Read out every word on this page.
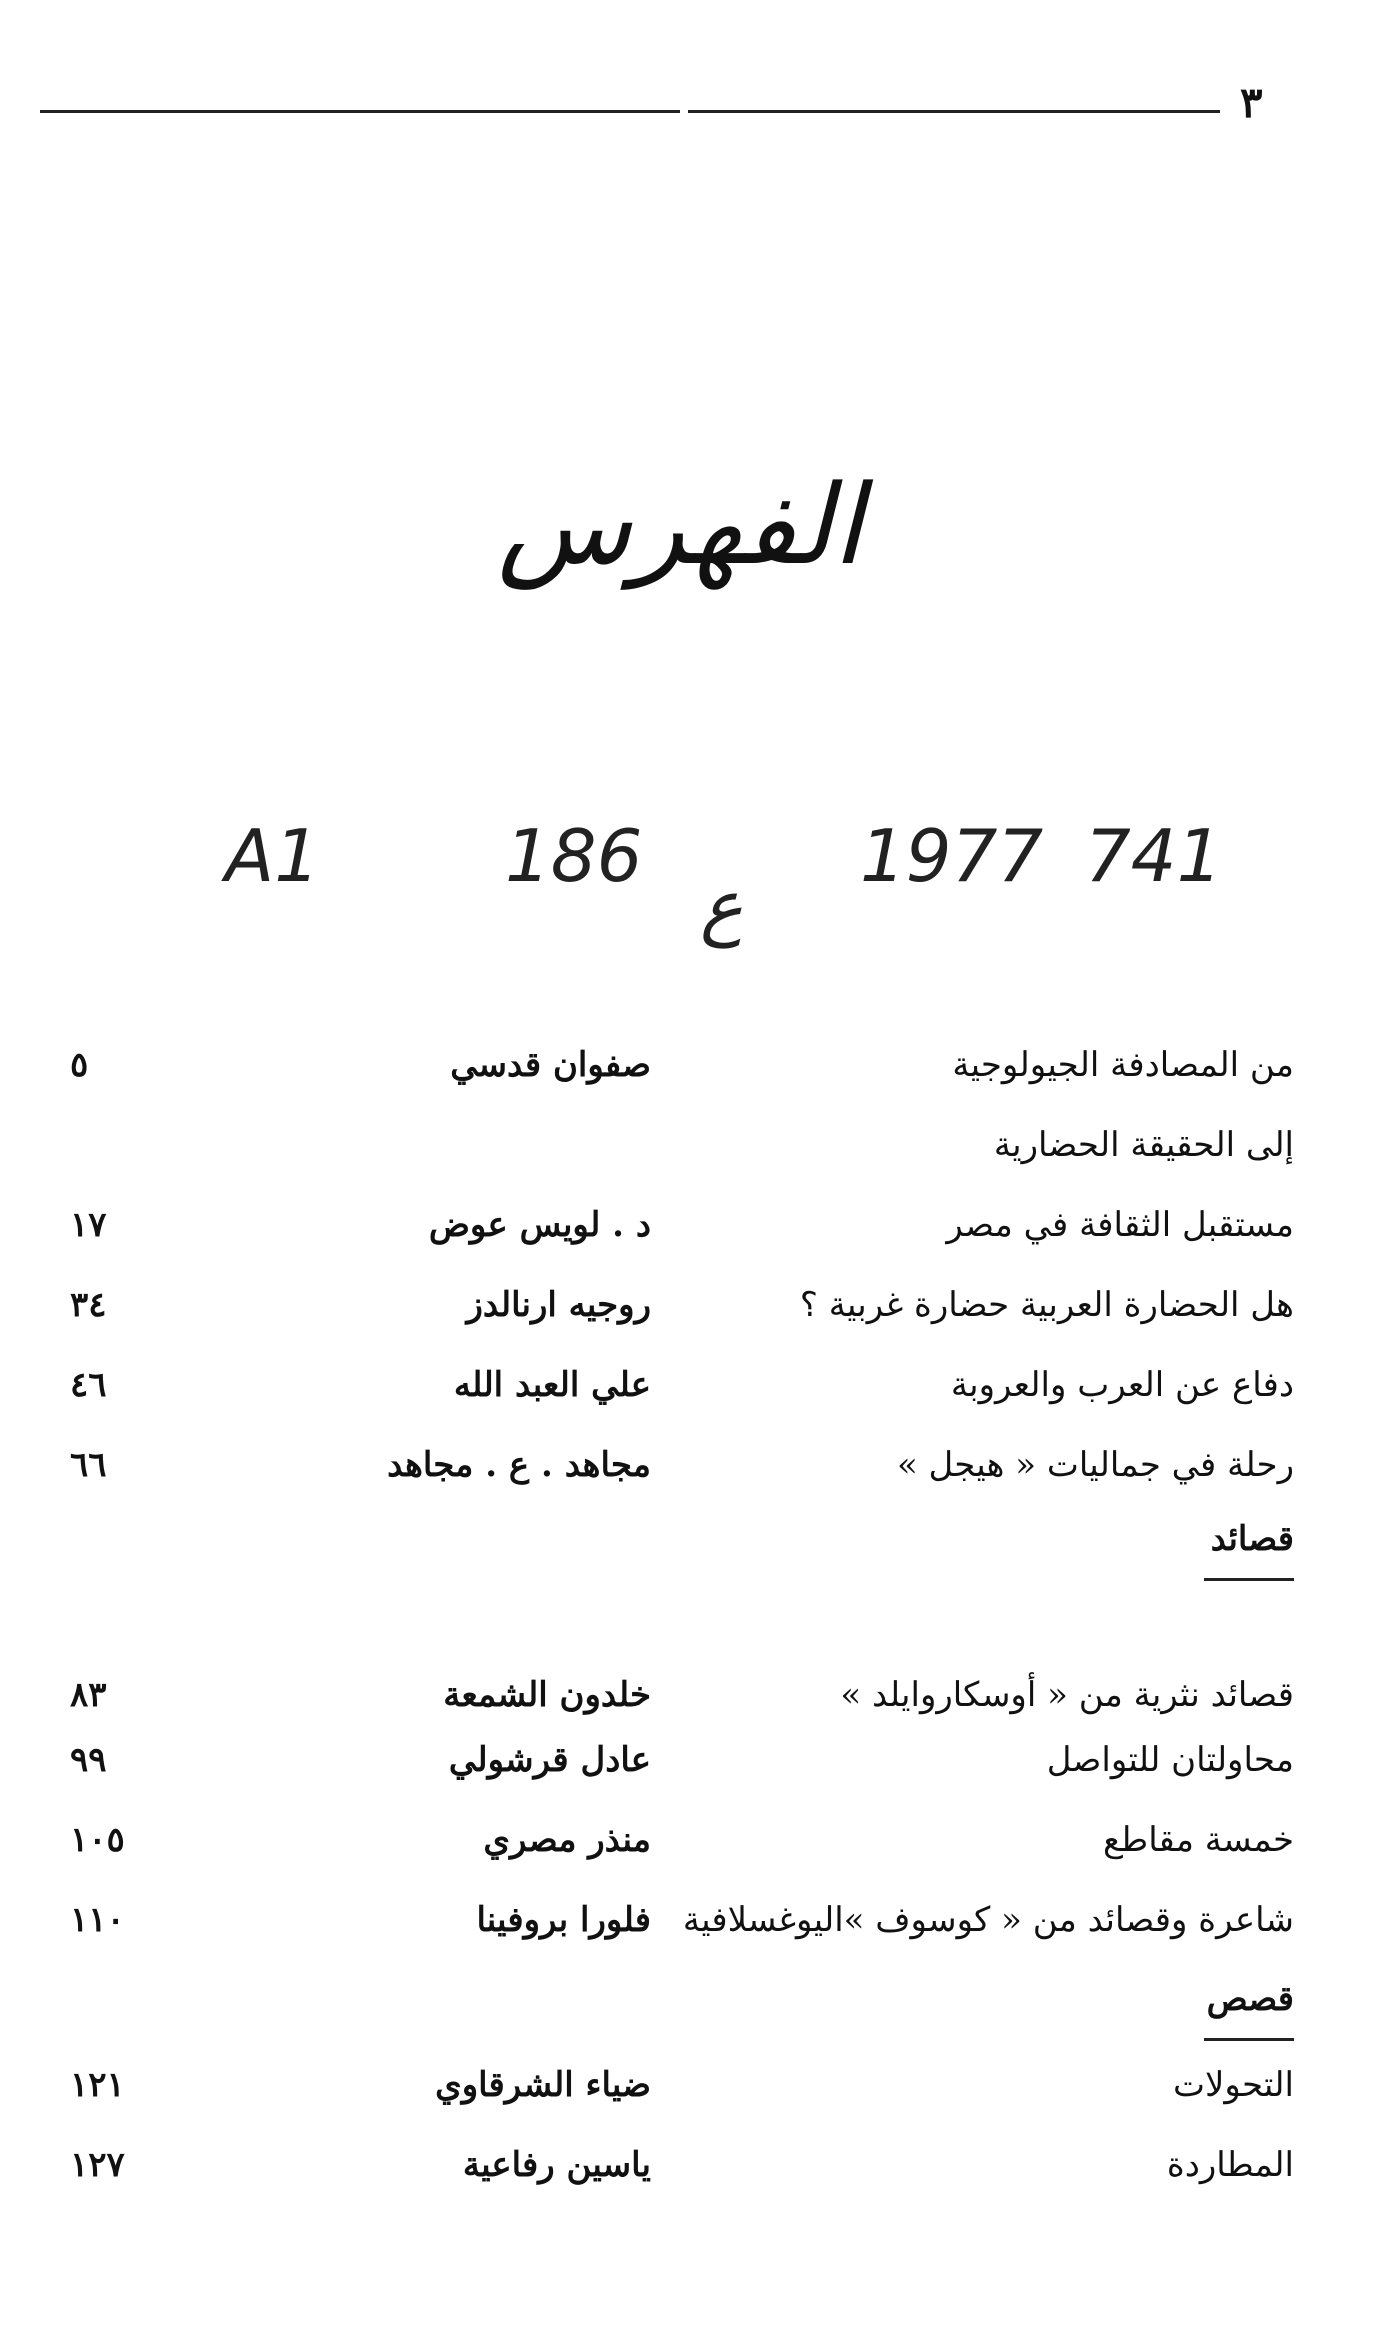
٣
الفهرس
A1	186
ع
1977 741
من المصادفة الجيولوجية
صفوان قدسي
٥
إلى الحقيقة الحضارية
مستقبل الثقافة في مصر
د . لويس عوض
١٧
هل الحضارة العربية حضارة غربية ؟
روجيه ارنالدز
٣٤
دفاع عن العرب والعروبة
علي العبد الله
٤٦
رحلة في جماليات « هيجل »
مجاهد . ع . مجاهد
٦٦
قصائد
قصائد نثرية من « أوسكاروايلد »
خلدون الشمعة
٨٣
محاولتان للتواصل
عادل قرشولي
٩٩
خمسة مقاطع
منذر مصري
١٠٥
شاعرة وقصائد من « كوسوف »اليوغسلافية
فلورا بروفينا
١١٠
قصص
التحولات
ضياء الشرقاوي
١٢١
المطاردة
ياسين رفاعية
١٢٧
